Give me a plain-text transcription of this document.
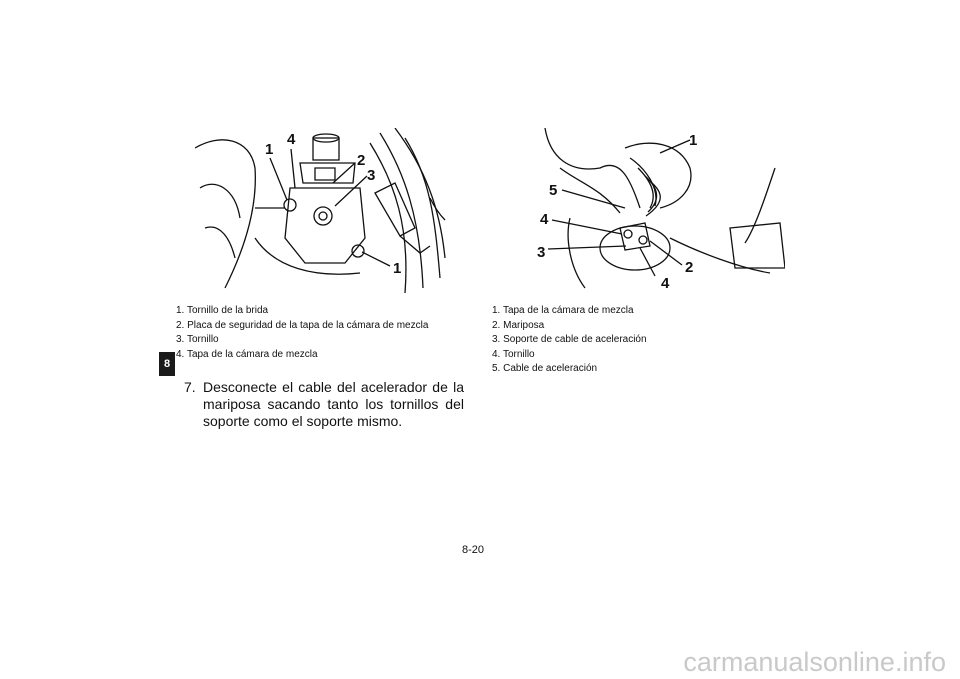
8
4
1
2
3
1
1
5
4
3
2
4
1. Tornillo de la brida
2. Placa de seguridad de la tapa de la cámara de mezcla
3. Tornillo
4. Tapa de la cámara de mezcla
1. Tapa de la cámara de mezcla
2. Mariposa
3. Soporte de cable de aceleración
4. Tornillo
5. Cable de aceleración

7. Desconecte el cable del acelerador de la mariposa sacando tanto los tornillos del soporte como el soporte mismo.

8-20
carmanualsonline.info
